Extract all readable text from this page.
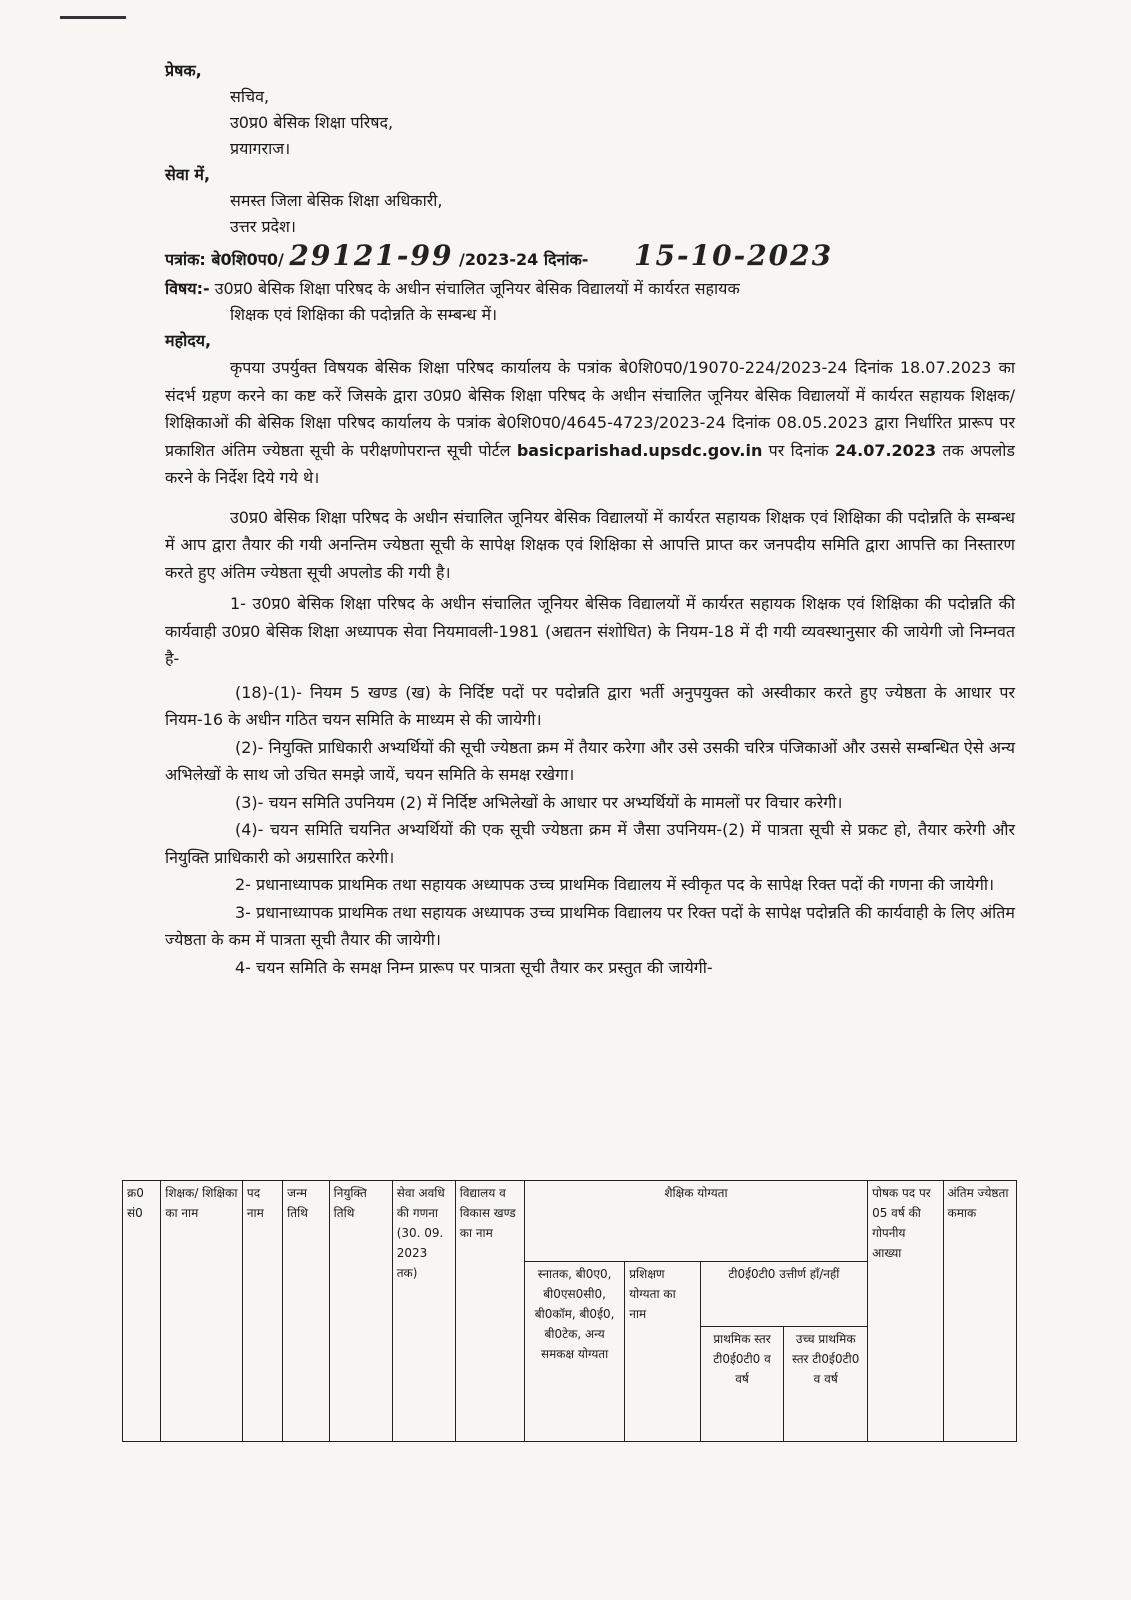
प्रेषक,
सचिव,
उ0प्र0 बेसिक शिक्षा परिषद,
प्रयागराज।
सेवा में,
समस्त जिला बेसिक शिक्षा अधिकारी,
उत्तर प्रदेश।
पत्रांक: बे0शि0प0/ 29121-99 /2023-24 दिनांक- 15-10-2023
विषय:- उ0प्र0 बेसिक शिक्षा परिषद के अधीन संचालित जूनियर बेसिक विद्यालयों में कार्यरत सहायक
शिक्षक एवं शिक्षिका की पदोन्नति के सम्बन्ध में।
महोदय,

कृपया उपर्युक्त विषयक बेसिक शिक्षा परिषद कार्यालय के पत्रांक बे0शि0प0/19070-224/2023-24 दिनांक 18.07.2023 का संदर्भ ग्रहण करने का कष्ट करें जिसके द्वारा उ0प्र0 बेसिक शिक्षा परिषद के अधीन संचालित जूनियर बेसिक विद्यालयों में कार्यरत सहायक शिक्षक/शिक्षिकाओं की बेसिक शिक्षा परिषद कार्यालय के पत्रांक बे0शि0प0/4645-4723/2023-24 दिनांक 08.05.2023 द्वारा निर्धारित प्रारूप पर प्रकाशित अंतिम ज्येष्ठता सूची के परीक्षणोपरान्त सूची पोर्टल basicparishad.upsdc.gov.in पर दिनांक 24.07.2023 तक अपलोड करने के निर्देश दिये गये थे।

उ0प्र0 बेसिक शिक्षा परिषद के अधीन संचालित जूनियर बेसिक विद्यालयों में कार्यरत सहायक शिक्षक एवं शिक्षिका की पदोन्नति के सम्बन्ध में आप द्वारा तैयार की गयी अनन्तिम ज्येष्ठता सूची के सापेक्ष शिक्षक एवं शिक्षिका से आपत्ति प्राप्त कर जनपदीय समिति द्वारा आपत्ति का निस्तारण करते हुए अंतिम ज्येष्ठता सूची अपलोड की गयी है।

1- उ0प्र0 बेसिक शिक्षा परिषद के अधीन संचालित जूनियर बेसिक विद्यालयों में कार्यरत सहायक शिक्षक एवं शिक्षिका की पदोन्नति की कार्यवाही उ0प्र0 बेसिक शिक्षा अध्यापक सेवा नियमावली-1981 (अद्यतन संशोधित) के नियम-18 में दी गयी व्यवस्थानुसार की जायेगी जो निम्नवत है-

(18)-(1)- नियम 5 खण्ड (ख) के निर्दिष्ट पदों पर पदोन्नति द्वारा भर्ती अनुपयुक्त को अस्वीकार करते हुए ज्येष्ठता के आधार पर नियम-16 के अधीन गठित चयन समिति के माध्यम से की जायेगी।

(2)- नियुक्ति प्राधिकारी अभ्यर्थियों की सूची ज्येष्ठता क्रम में तैयार करेगा और उसे उसकी चरित्र पंजिकाओं और उससे सम्बन्धित ऐसे अन्य अभिलेखों के साथ जो उचित समझे जायें, चयन समिति के समक्ष रखेगा।

(3)- चयन समिति उपनियम (2) में निर्दिष्ट अभिलेखों के आधार पर अभ्यर्थियों के मामलों पर विचार करेगी।

(4)- चयन समिति चयनित अभ्यर्थियों की एक सूची ज्येष्ठता क्रम में जैसा उपनियम-(2) में पात्रता सूची से प्रकट हो, तैयार करेगी और नियुक्ति प्राधिकारी को अग्रसारित करेगी।

2- प्रधानाध्यापक प्राथमिक तथा सहायक अध्यापक उच्च प्राथमिक विद्यालय में स्वीकृत पद के सापेक्ष रिक्त पदों की गणना की जायेगी।

3- प्रधानाध्यापक प्राथमिक तथा सहायक अध्यापक उच्च प्राथमिक विद्यालय पर रिक्त पदों के सापेक्ष पदोन्नति की कार्यवाही के लिए अंतिम ज्येष्ठता के कम में पात्रता सूची तैयार की जायेगी।

4- चयन समिति के समक्ष निम्न प्रारूप पर पात्रता सूची तैयार कर प्रस्तुत की जायेगी-

क्र0 सं0	शिक्षक/ शिक्षिका का नाम	पद नाम	जन्म तिथि	नियुक्ति तिथि	सेवा अवधि की गणना (30. 09. 2023 तक)	विद्यालय व विकास खण्ड का नाम	शैक्षिक योग्यता				पोषक पद पर 05 वर्ष की गोपनीय आख्या	अंतिम ज्येष्ठता कमाक
							स्नातक, बी0ए0, बी0एस0सी0, बी0कॉम, बी0ई0, बी0टेक, अन्य समकक्ष योग्यता	प्रशिक्षण योग्यता का नाम	टी0ई0टी0 उत्तीर्ण हाँ/नहीं			
									प्राथमिक स्तर टी0ई0टी0 व वर्ष	उच्च प्राथमिक स्तर टी0ई0टी0 व वर्ष		
